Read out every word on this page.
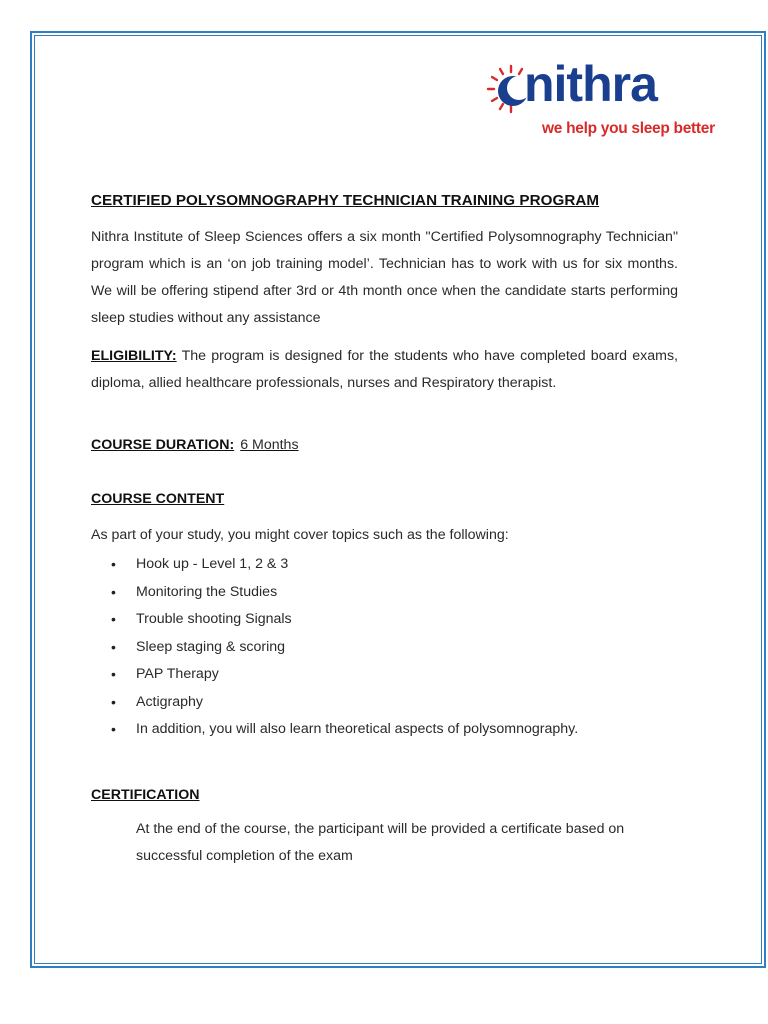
nithra
we help you sleep better
CERTIFIED POLYSOMNOGRAPHY TECHNICIAN TRAINING PROGRAM
Nithra Institute of Sleep Sciences offers a six month "Certified Polysomnography Technician" program which is an ‘on job training model’. Technician has to work with us for six months. We will be offering stipend after 3rd or 4th month once when the candidate starts performing sleep studies without any assistance
ELIGIBILITY: The program is designed for the students who have completed board exams, diploma, allied healthcare professionals, nurses and Respiratory therapist.
COURSE DURATION: 6 Months
COURSE CONTENT
As part of your study, you might cover topics such as the following:
• Hook up - Level 1, 2 & 3
• Monitoring the Studies
• Trouble shooting Signals
• Sleep staging & scoring
• PAP Therapy
• Actigraphy
• In addition, you will also learn theoretical aspects of polysomnography.
CERTIFICATION
At the end of the course, the participant will be provided a certificate based on successful completion of the exam
